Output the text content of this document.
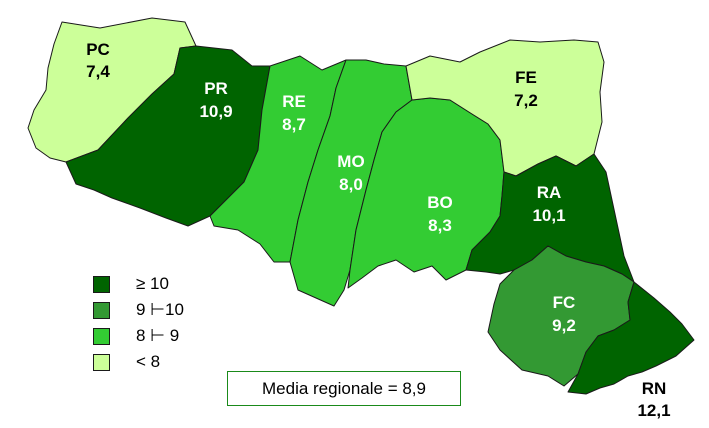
PC
7,4
PR
10,9
RE
8,7
MO
8,0
BO
8,3
FE
7,2
RA
10,1
FC
9,2
RN
12,1
≥ 10
9 ⊢10
8 ⊢ 9
< 8
Media regionale = 8,9
